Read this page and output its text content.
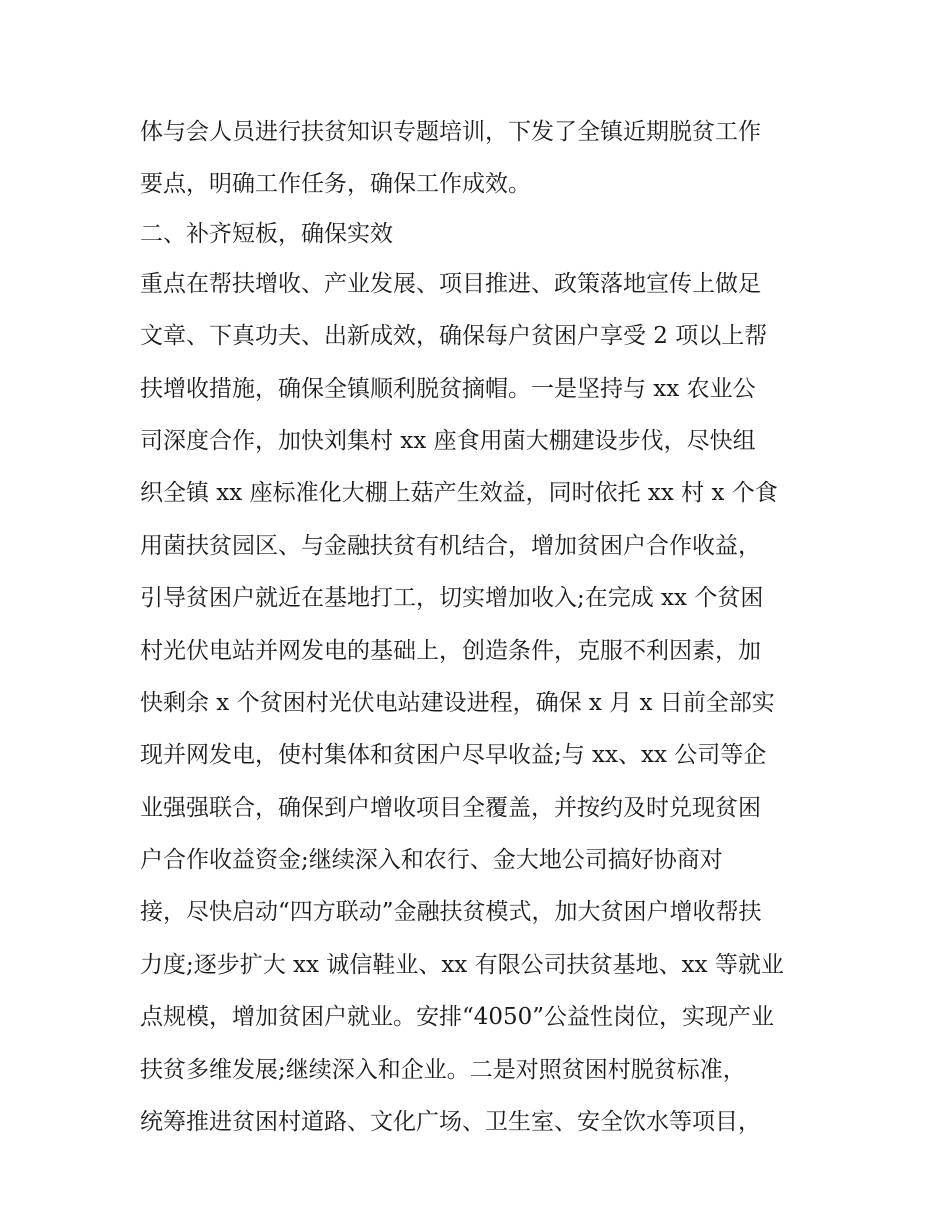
体与会人员进行扶贫知识专题培训，下发了全镇近期脱贫工作
要点，明确工作任务，确保工作成效。
二、补齐短板，确保实效
重点在帮扶增收、产业发展、项目推进、政策落地宣传上做足
文章、下真功夫、出新成效，确保每户贫困户享受 2 项以上帮
扶增收措施，确保全镇顺利脱贫摘帽。一是坚持与 xx 农业公
司深度合作，加快刘集村 xx 座食用菌大棚建设步伐，尽快组
织全镇 xx 座标准化大棚上菇产生效益，同时依托 xx 村 x 个食
用菌扶贫园区、与金融扶贫有机结合，增加贫困户合作收益，
引导贫困户就近在基地打工，切实增加收入;在完成 xx 个贫困
村光伏电站并网发电的基础上，创造条件，克服不利因素，加
快剩余 x 个贫困村光伏电站建设进程，确保 x 月 x 日前全部实
现并网发电，使村集体和贫困户尽早收益;与 xx、xx 公司等企
业强强联合，确保到户增收项目全覆盖，并按约及时兑现贫困
户合作收益资金;继续深入和农行、金大地公司搞好协商对
接，尽快启动“四方联动”金融扶贫模式，加大贫困户增收帮扶
力度;逐步扩大 xx 诚信鞋业、xx 有限公司扶贫基地、xx 等就业
点规模，增加贫困户就业。安排“4050”公益性岗位，实现产业
扶贫多维发展;继续深入和企业。二是对照贫困村脱贫标准，
统筹推进贫困村道路、文化广场、卫生室、安全饮水等项目，
